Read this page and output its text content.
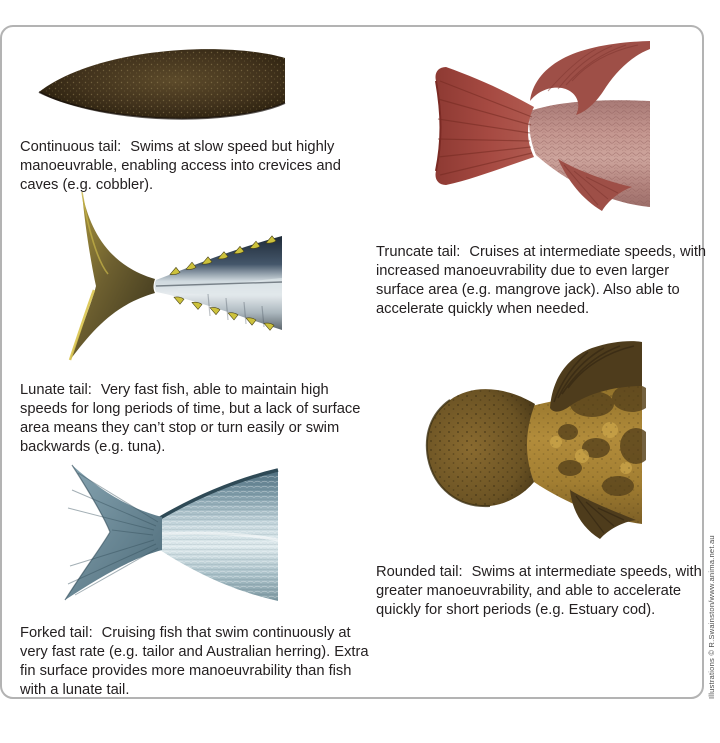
Continuous tail: Swims at slow speed but highly manoeuvrable, enabling access into crevices and caves (e.g. cobbler).

Lunate tail: Very fast fish, able to maintain high speeds for long periods of time, but a lack of surface area means they can’t stop or turn easily or swim backwards (e.g. tuna).

Forked tail: Cruising fish that swim continuously at very fast rate (e.g. tailor and Australian herring). Extra fin surface provides more manoeuvrability than fish with a lunate tail.

Truncate tail: Cruises at intermediate speeds, with increased manoeuvrability due to even larger surface area (e.g. mangrove jack). Also able to accelerate quickly when needed.

Rounded tail: Swims at intermediate speeds, with greater manoeuvrability, and able to accelerate quickly for short periods (e.g. Estuary cod).	Illustrations © R.Swainston/www.anima.net.au
